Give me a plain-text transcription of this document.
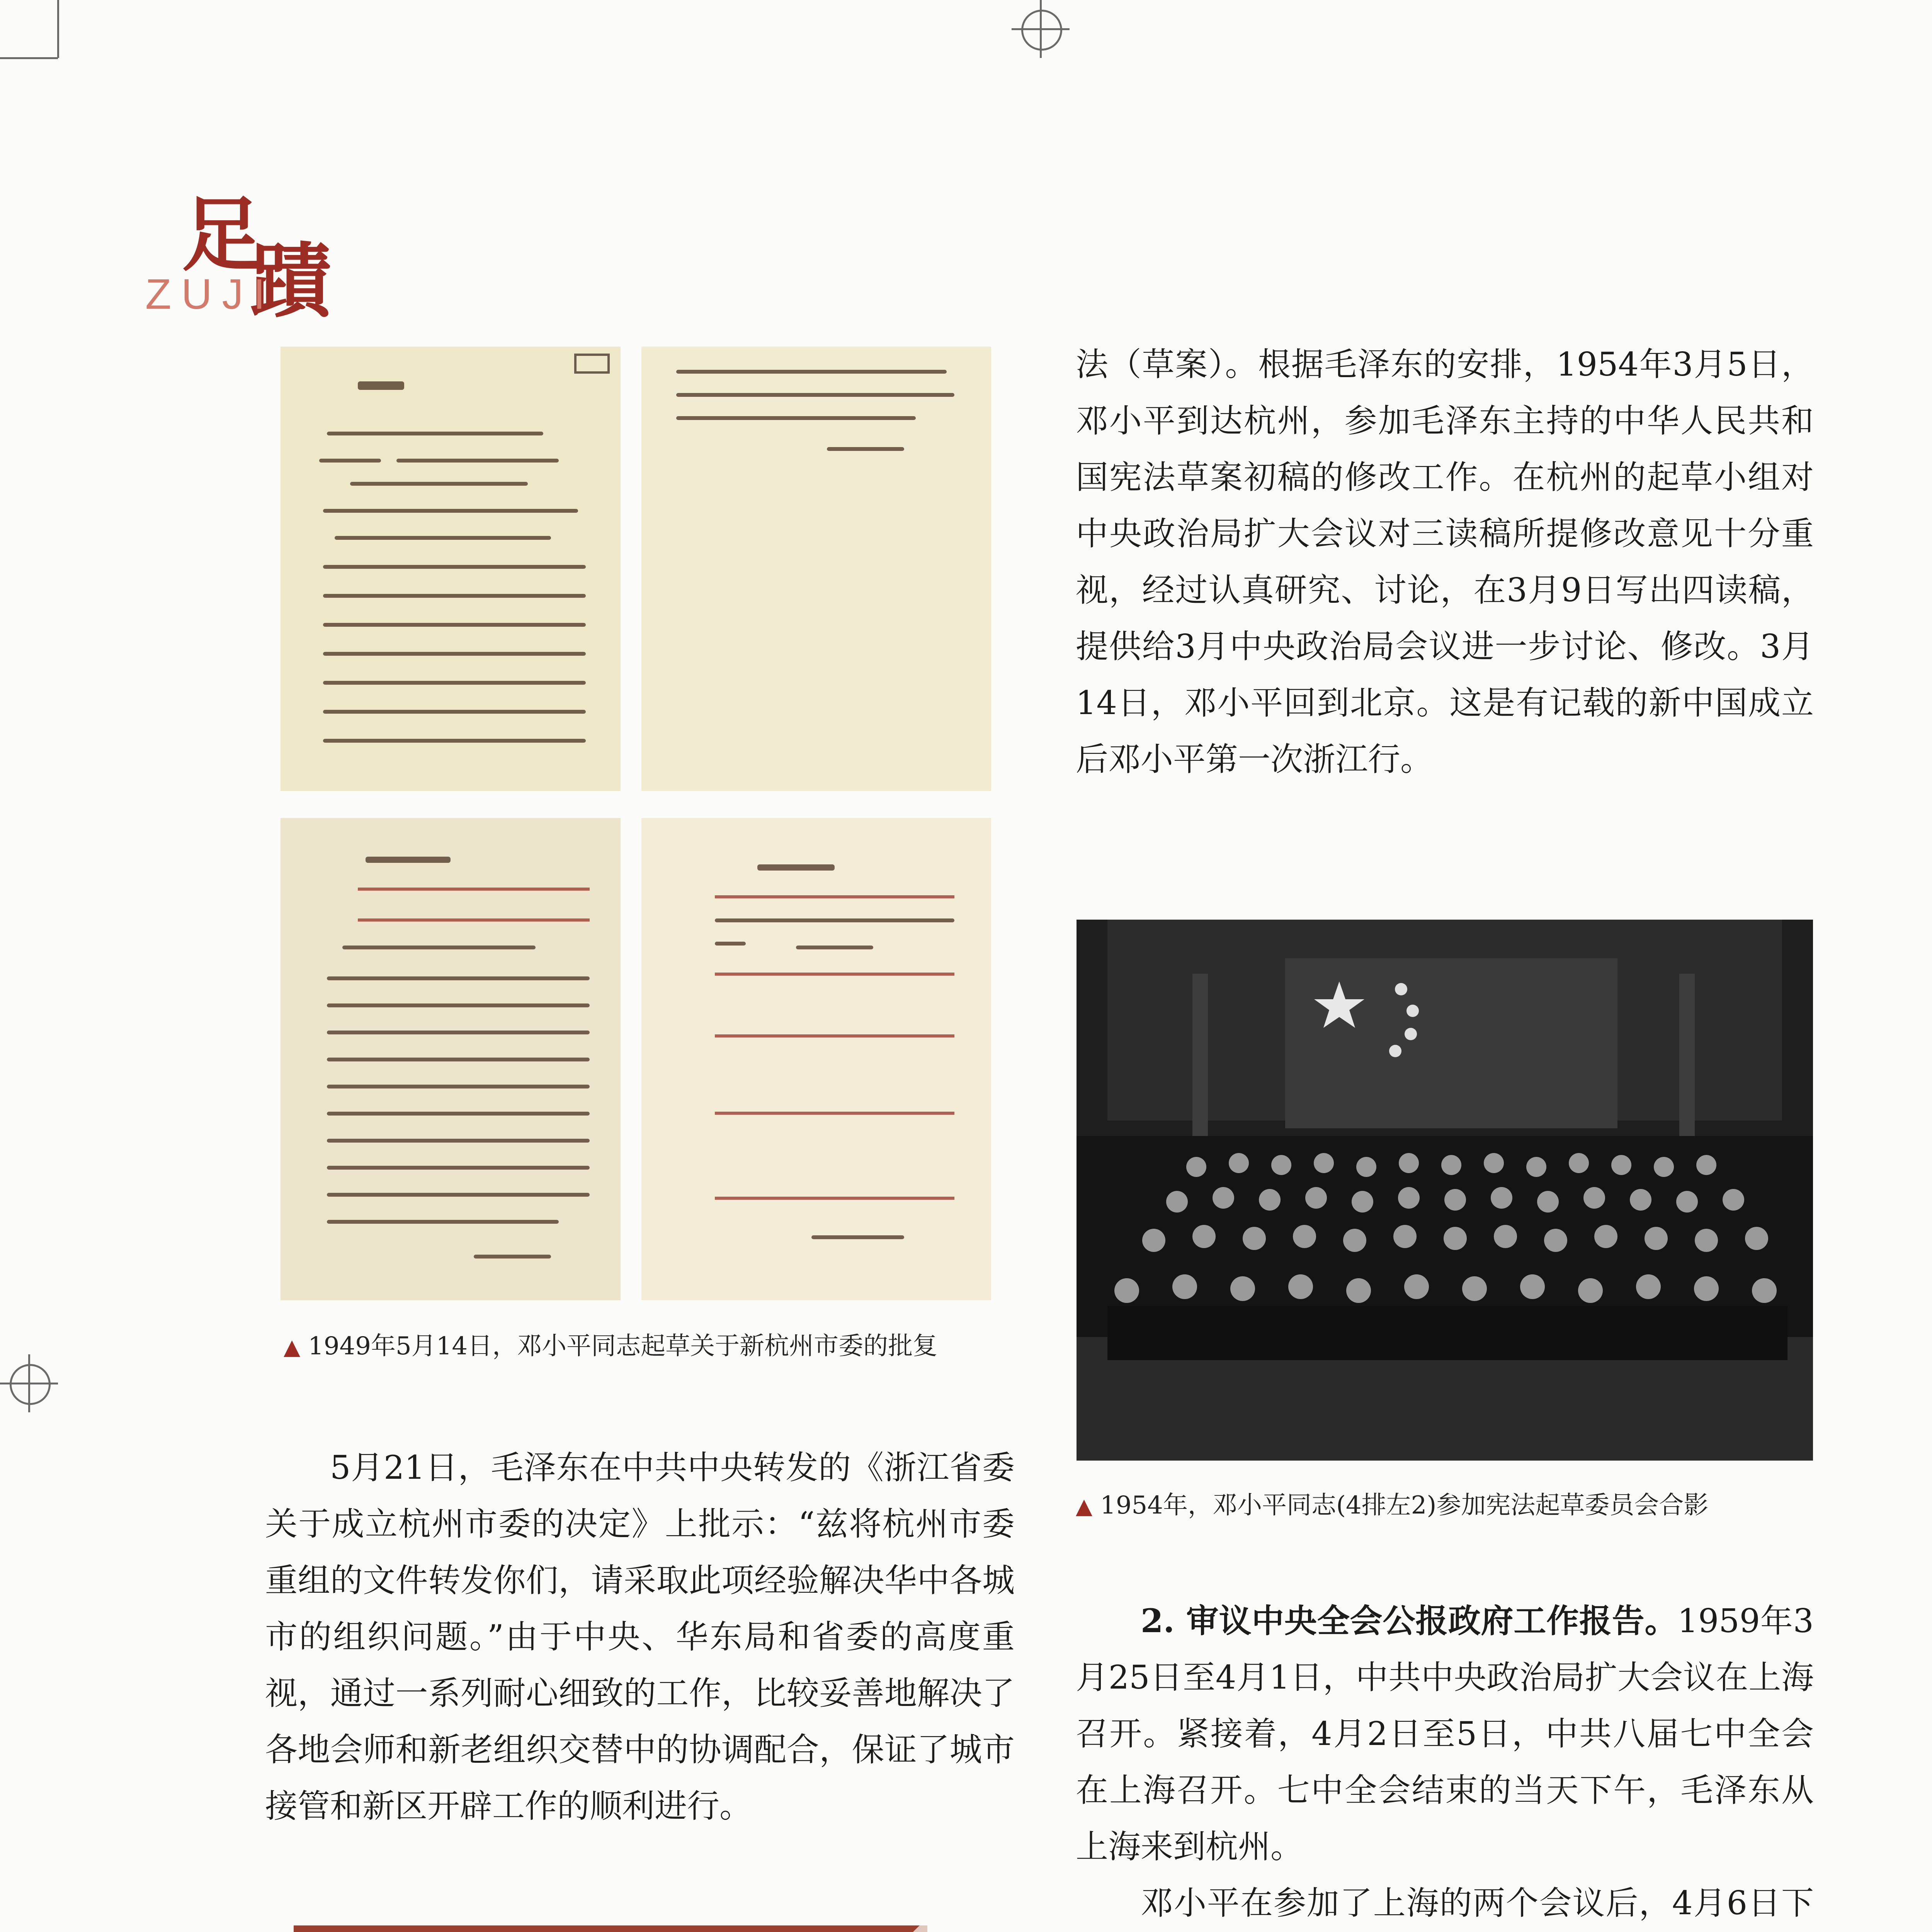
足
蹟
ZUJI
▲ 1949年5月14日，邓小平同志起草关于新杭州市委的批复
▲ 1954年，邓小平同志(4排左2)参加宪法起草委员会合影

5月21日，毛泽东在中共中央转发的《浙江省委关于成立杭州市委的决定》上批示：“兹将杭州市委重组的文件转发你们，请采取此项经验解决华中各城市的组织问题。”由于中央、华东局和省委的高度重视，通过一系列耐心细致的工作，比较妥善地解决了各地会师和新老组织交替中的协调配合，保证了城市接管和新区开辟工作的顺利进行。

法（草案）。根据毛泽东的安排，1954年3月5日，邓小平到达杭州，参加毛泽东主持的中华人民共和国宪法草案初稿的修改工作。在杭州的起草小组对中央政治局扩大会议对三读稿所提修改意见十分重视，经过认真研究、讨论，在3月9日写出四读稿，提供给3月中央政治局会议进一步讨论、修改。3月14日，邓小平回到北京。这是有记载的新中国成立后邓小平第一次浙江行。

2. 审议中央全会公报政府工作报告。1959年3月25日至4月1日，中共中央政治局扩大会议在上海召开。紧接着，4月2日至5日，中共八届七中全会在上海召开。七中全会结束的当天下午，毛泽东从上海来到杭州。

邓小平在参加了上海的两个会议后，4月6日下
